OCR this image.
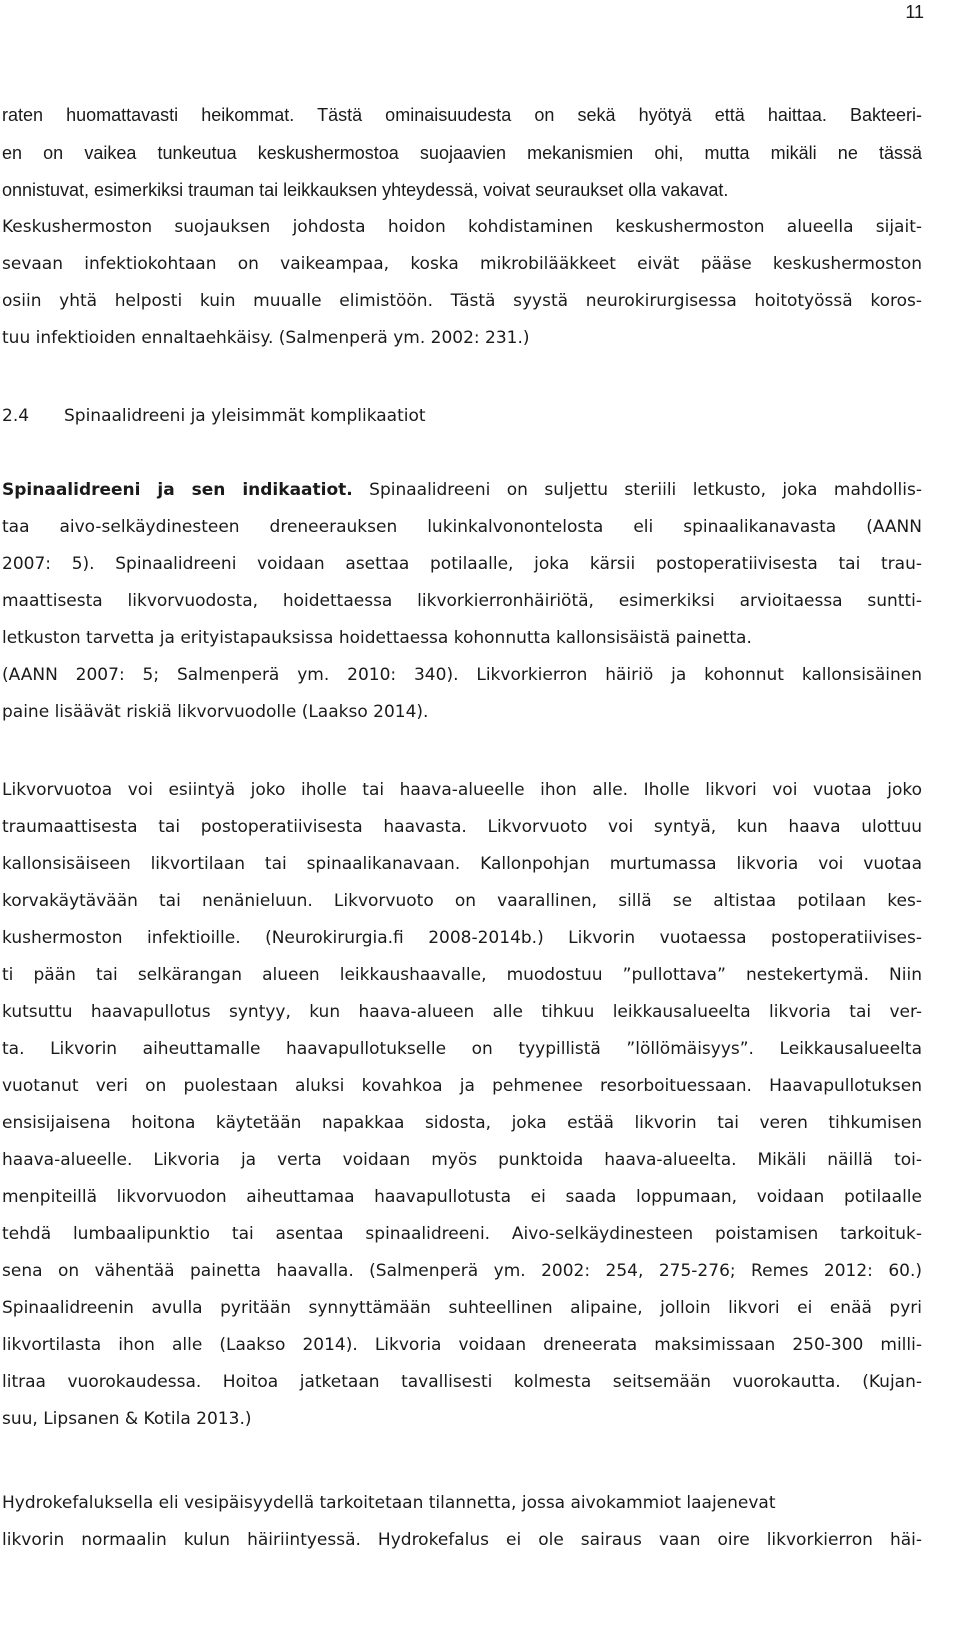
11
raten huomattavasti heikommat. Tästä ominaisuudesta on sekä hyötyä että haittaa. Bakteeri-
en on vaikea tunkeutua keskushermostoa suojaavien mekanismien ohi, mutta mikäli ne tässä
onnistuvat, esimerkiksi trauman tai leikkauksen yhteydessä, voivat seuraukset olla vakavat.
Keskushermoston suojauksen johdosta hoidon kohdistaminen keskushermoston alueella sijait-
sevaan infektiokohtaan on vaikeampaa, koska mikrobilääkkeet eivät pääse keskushermoston
osiin yhtä helposti kuin muualle elimistöön. Tästä syystä neurokirurgisessa hoitotyössä koros-
tuu infektioiden ennaltaehkäisy. (Salmenperä ym. 2002: 231.)
2.4 Spinaalidreeni ja yleisimmät komplikaatiot
Spinaalidreeni ja sen indikaatiot. Spinaalidreeni on suljettu steriili letkusto, joka mahdollis-
taa aivo-selkäydinesteen dreneerauksen lukinkalvonontelosta eli spinaalikanavasta (AANN
2007: 5). Spinaalidreeni voidaan asettaa potilaalle, joka kärsii postoperatiivisesta tai trau-
maattisesta likvorvuodosta, hoidettaessa likvorkierronhäiriötä, esimerkiksi arvioitaessa suntti-
letkuston tarvetta ja erityistapauksissa hoidettaessa kohonnutta kallonsisäistä painetta.
(AANN 2007: 5; Salmenperä ym. 2010: 340). Likvorkierron häiriö ja kohonnut kallonsisäinen
paine lisäävät riskiä likvorvuodolle (Laakso 2014).
Likvorvuotoa voi esiintyä joko iholle tai haava-alueelle ihon alle. Iholle likvori voi vuotaa joko
traumaattisesta tai postoperatiivisesta haavasta. Likvorvuoto voi syntyä, kun haava ulottuu
kallonsisäiseen likvortilaan tai spinaalikanavaan. Kallonpohjan murtumassa likvoria voi vuotaa
korvakäytävään tai nenänieluun. Likvorvuoto on vaarallinen, sillä se altistaa potilaan kes-
kushermoston infektioille. (Neurokirurgia.fi 2008-2014b.) Likvorin vuotaessa postoperatiivises-
ti pään tai selkärangan alueen leikkaushaavalle, muodostuu ”pullottava” nestekertymä. Niin
kutsuttu haavapullotus syntyy, kun haava-alueen alle tihkuu leikkausalueelta likvoria tai ver-
ta. Likvorin aiheuttamalle haavapullotukselle on tyypillistä ”löllömäisyys”. Leikkausalueelta
vuotanut veri on puolestaan aluksi kovahkoa ja pehmenee resorboituessaan. Haavapullotuksen
ensisijaisena hoitona käytetään napakkaa sidosta, joka estää likvorin tai veren tihkumisen
haava-alueelle. Likvoria ja verta voidaan myös punktoida haava-alueelta. Mikäli näillä toi-
menpiteillä likvorvuodon aiheuttamaa haavapullotusta ei saada loppumaan, voidaan potilaalle
tehdä lumbaalipunktio tai asentaa spinaalidreeni. Aivo-selkäydinesteen poistamisen tarkoituk-
sena on vähentää painetta haavalla. (Salmenperä ym. 2002: 254, 275-276; Remes 2012: 60.)
Spinaalidreenin avulla pyritään synnyttämään suhteellinen alipaine, jolloin likvori ei enää pyri
likvortilasta ihon alle (Laakso 2014). Likvoria voidaan dreneerata maksimissaan 250-300 milli-
litraa vuorokaudessa. Hoitoa jatketaan tavallisesti kolmesta seitsemään vuorokautta. (Kujan-
suu, Lipsanen & Kotila 2013.)
Hydrokefaluksella eli vesipäisyydellä tarkoitetaan tilannetta, jossa aivokammiot laajenevat
likvorin normaalin kulun häiriintyessä. Hydrokefalus ei ole sairaus vaan oire likvorkierron häi-
